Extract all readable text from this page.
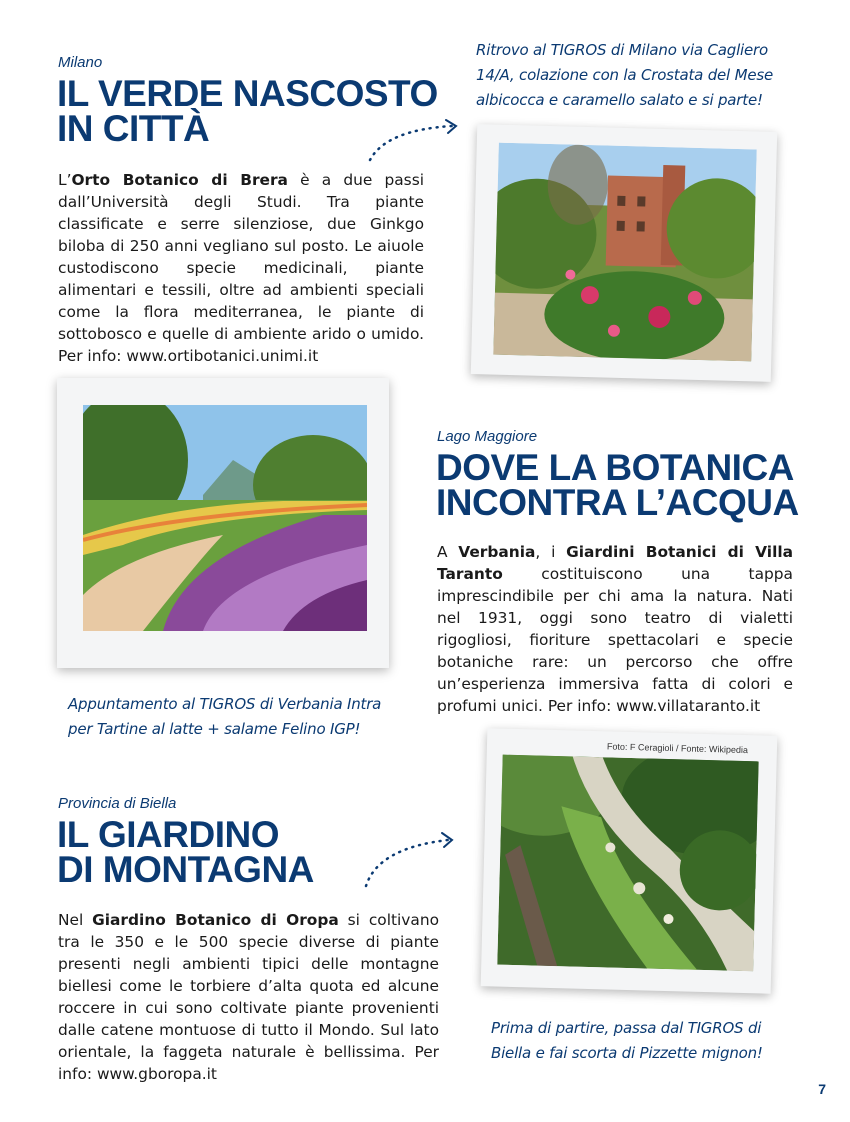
Milano
IL VERDE NASCOSTO
IN CITTÀ

L’Orto Botanico di Brera è a due passi dall’Università degli Studi. Tra piante classificate e serre silenziose, due Ginkgo biloba di 250 anni vegliano sul posto. Le aiuole custodiscono specie medicinali, piante alimentari e tessili, oltre ad ambienti speciali come la flora mediterranea, le piante di sottobosco e quelle di ambiente arido o umido. Per info: www.ortibotanici.unimi.it

Ritrovo al TIGROS di Milano via Cagliero
14/A, colazione con la Crostata del Mese
albicocca e caramello salato e si parte!
Lago Maggiore
DOVE LA BOTANICA
INCONTRA L’ACQUA

A Verbania, i Giardini Botanici di Villa Taranto costituiscono una tappa imprescindibile per chi ama la natura. Nati nel 1931, oggi sono teatro di vialetti rigogliosi, fioriture spettacolari e specie botaniche rare: un percorso che offre un’esperienza immersiva fatta di colori e profumi unici. Per info: www.villataranto.it

Appuntamento al TIGROS di Verbania Intra
per Tartine al latte + salame Felino IGP!
Provincia di Biella
IL GIARDINO
DI MONTAGNA

Nel Giardino Botanico di Oropa si coltivano tra le 350 e le 500 specie diverse di piante presenti negli ambienti tipici delle montagne biellesi come le torbiere d’alta quota ed alcune roccere in cui sono coltivate piante provenienti dalle catene montuose di tutto il Mondo. Sul lato orientale, la faggeta naturale è bellissima. Per info: www.gboropa.it

Foto: F Ceragioli / Fonte: Wikipedia
Prima di partire, passa dal TIGROS di
Biella e fai scorta di Pizzette mignon!
7
